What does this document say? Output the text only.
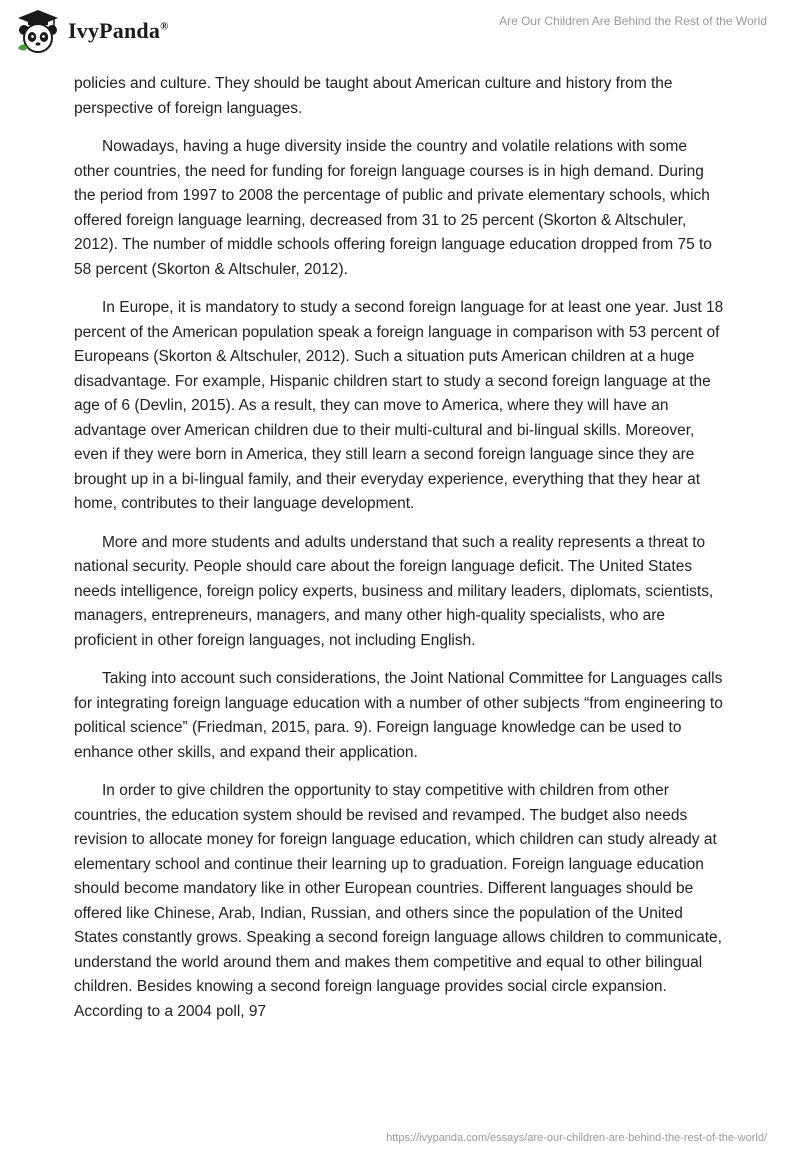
IvyPanda®	Are Our Children Are Behind the Rest of the World

policies and culture. They should be taught about American culture and history from the perspective of foreign languages.

Nowadays, having a huge diversity inside the country and volatile relations with some other countries, the need for funding for foreign language courses is in high demand. During the period from 1997 to 2008 the percentage of public and private elementary schools, which offered foreign language learning, decreased from 31 to 25 percent (Skorton & Altschuler, 2012). The number of middle schools offering foreign language education dropped from 75 to 58 percent (Skorton & Altschuler, 2012).

In Europe, it is mandatory to study a second foreign language for at least one year. Just 18 percent of the American population speak a foreign language in comparison with 53 percent of Europeans (Skorton & Altschuler, 2012). Such a situation puts American children at a huge disadvantage. For example, Hispanic children start to study a second foreign language at the age of 6 (Devlin, 2015). As a result, they can move to America, where they will have an advantage over American children due to their multi-cultural and bi-lingual skills. Moreover, even if they were born in America, they still learn a second foreign language since they are brought up in a bi-lingual family, and their everyday experience, everything that they hear at home, contributes to their language development.

More and more students and adults understand that such a reality represents a threat to national security. People should care about the foreign language deficit. The United States needs intelligence, foreign policy experts, business and military leaders, diplomats, scientists, managers, entrepreneurs, managers, and many other high-quality specialists, who are proficient in other foreign languages, not including English.

Taking into account such considerations, the Joint National Committee for Languages calls for integrating foreign language education with a number of other subjects “from engineering to political science” (Friedman, 2015, para. 9). Foreign language knowledge can be used to enhance other skills, and expand their application.

In order to give children the opportunity to stay competitive with children from other countries, the education system should be revised and revamped. The budget also needs revision to allocate money for foreign language education, which children can study already at elementary school and continue their learning up to graduation. Foreign language education should become mandatory like in other European countries. Different languages should be offered like Chinese, Arab, Indian, Russian, and others since the population of the United States constantly grows. Speaking a second foreign language allows children to communicate, understand the world around them and makes them competitive and equal to other bilingual children. Besides knowing a second foreign language provides social circle expansion. According to a 2004 poll, 97

https://ivypanda.com/essays/are-our-children-are-behind-the-rest-of-the-world/
